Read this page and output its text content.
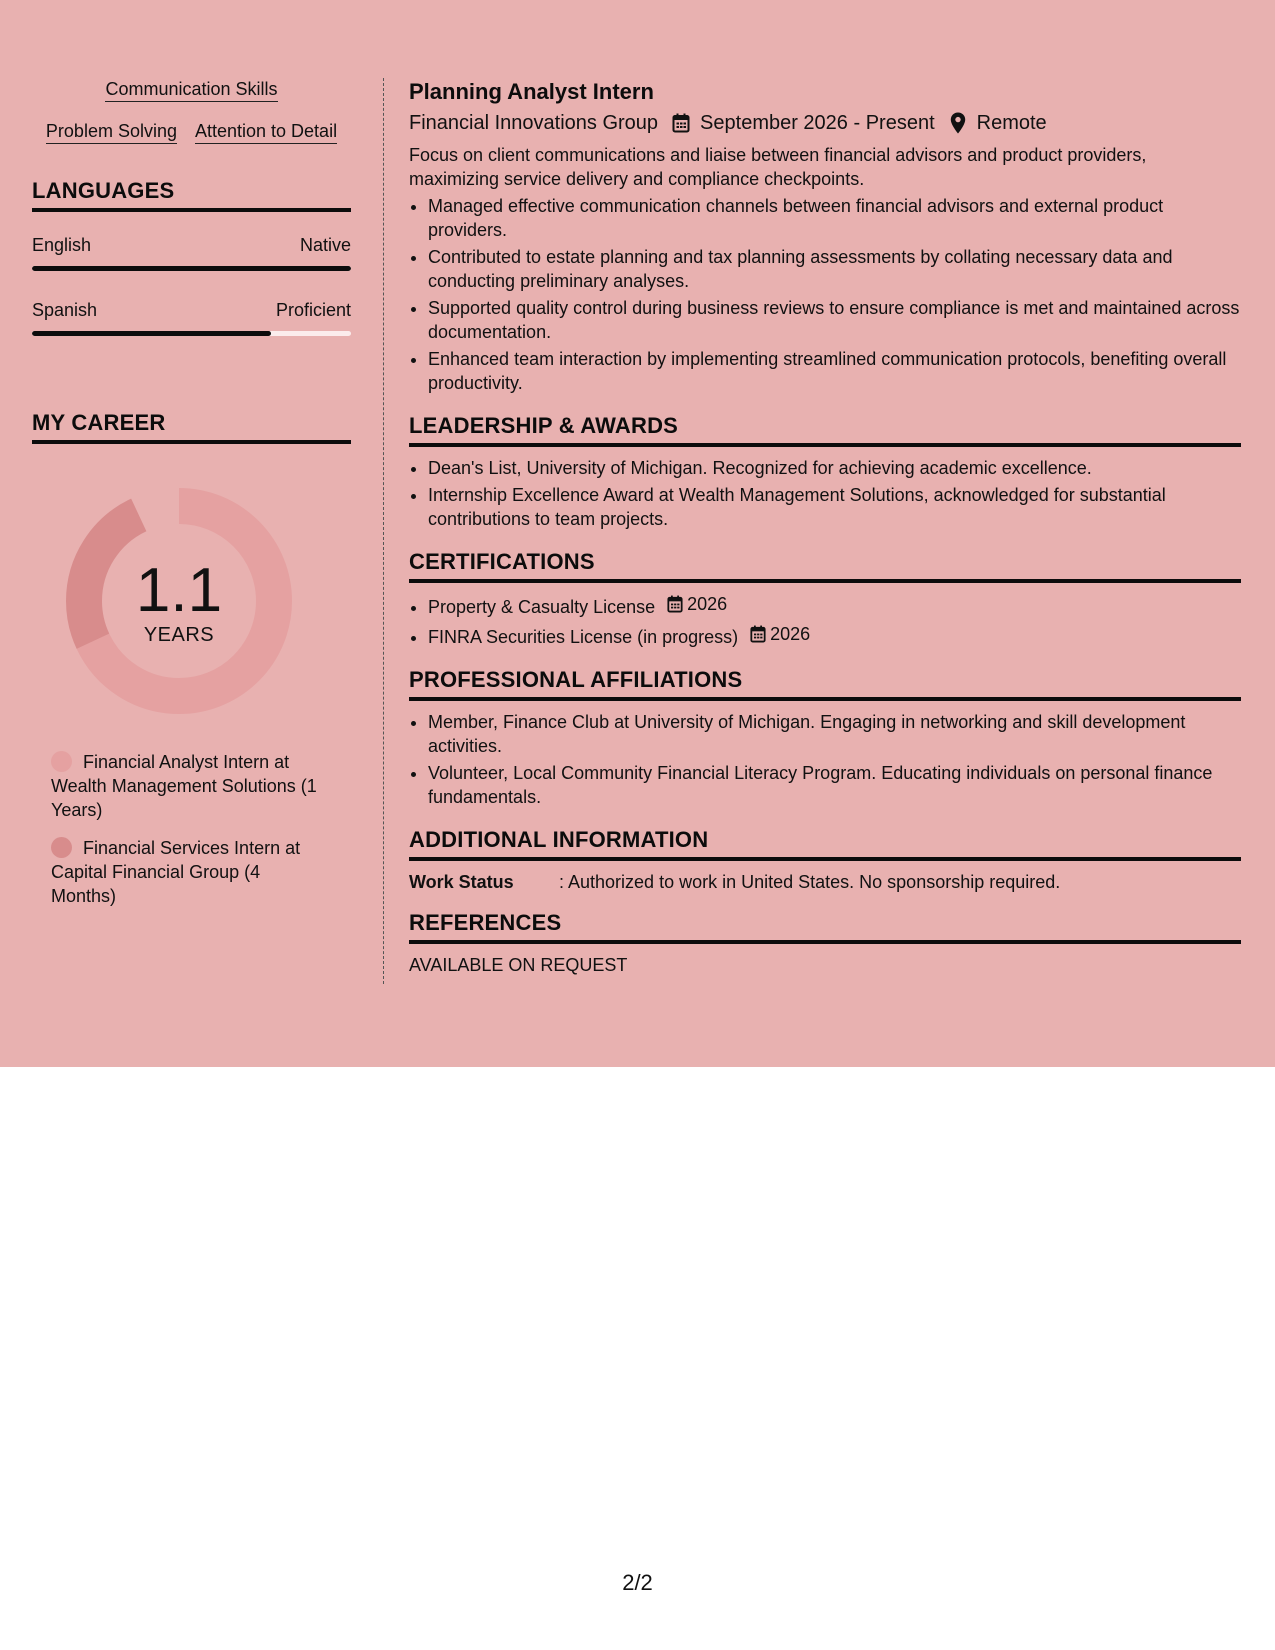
Communication Skills
Problem Solving Attention to Detail
LANGUAGES
English	Native
Spanish	Proficient
MY CAREER
1.1
YEARS
Financial Analyst Intern at Wealth Management Solutions (1 Years)
Financial Services Intern at Capital Financial Group (4 Months)
Planning Analyst Intern
Financial Innovations Group September 2026 - Present Remote
Focus on client communications and liaise between financial advisors and product providers, maximizing service delivery and compliance checkpoints.
• Managed effective communication channels between financial advisors and external product providers.
• Contributed to estate planning and tax planning assessments by collating necessary data and conducting preliminary analyses.
• Supported quality control during business reviews to ensure compliance is met and maintained across documentation.
• Enhanced team interaction by implementing streamlined communication protocols, benefiting overall productivity.
LEADERSHIP & AWARDS
• Dean's List, University of Michigan. Recognized for achieving academic excellence.
• Internship Excellence Award at Wealth Management Solutions, acknowledged for substantial contributions to team projects.
CERTIFICATIONS
• Property & Casualty License 2026
• FINRA Securities License (in progress) 2026
PROFESSIONAL AFFILIATIONS
• Member, Finance Club at University of Michigan. Engaging in networking and skill development activities.
• Volunteer, Local Community Financial Literacy Program. Educating individuals on personal finance fundamentals.
ADDITIONAL INFORMATION
Work Status	: Authorized to work in United States. No sponsorship required.
REFERENCES
AVAILABLE ON REQUEST
2/2
